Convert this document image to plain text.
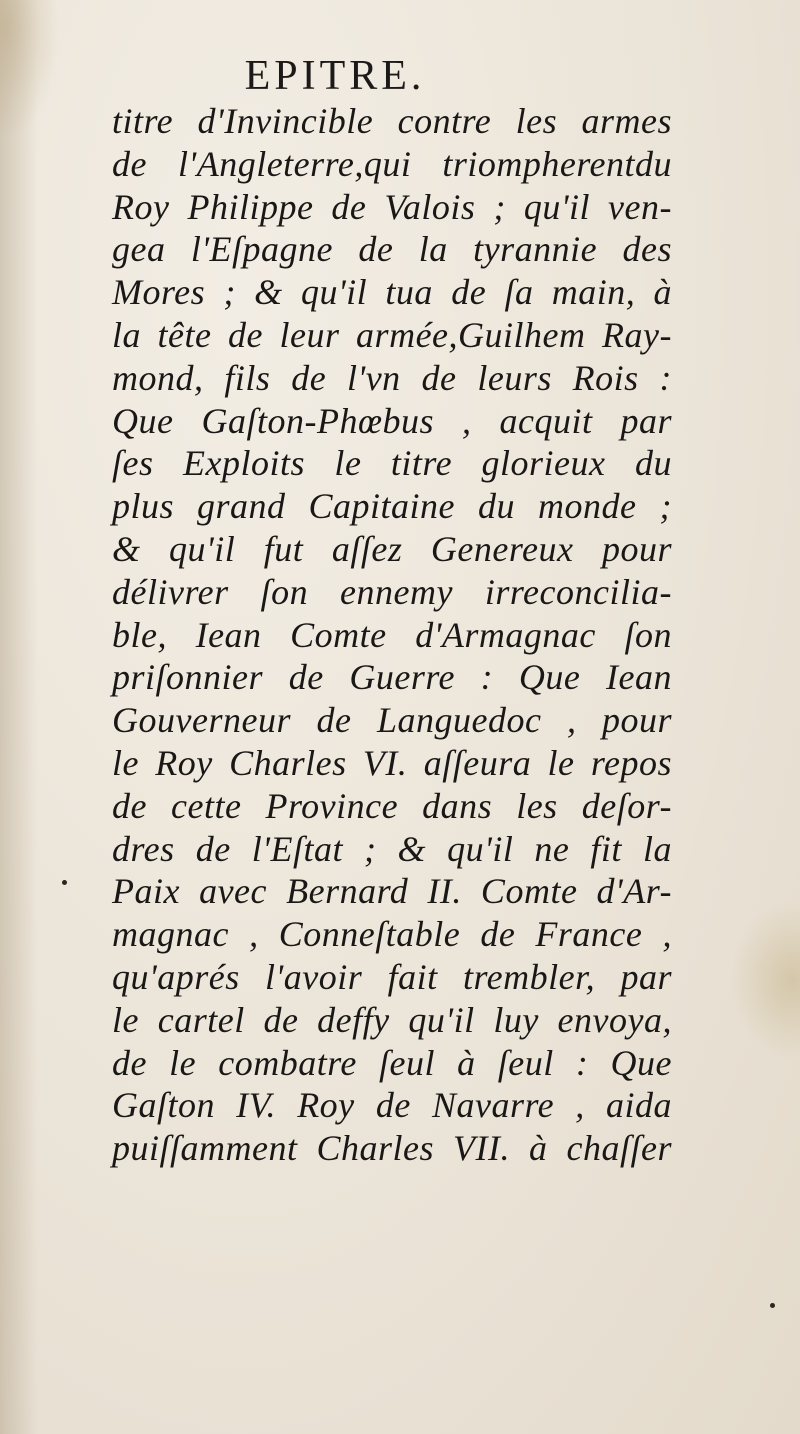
EPITRE.
titre d'Invincible contre les armes
de l'Angleterre,qui triompherentdu
Roy Philippe de Valois ; qu'il ven-
gea l'Eſpagne de la tyrannie des
Mores ; & qu'il tua de ſa main, à
la tête de leur armée,Guilhem Ray-
mond, fils de l'vn de leurs Rois :
Que Gaſton-Phœbus , acquit par
ſes Exploits le titre glorieux du
plus grand Capitaine du monde ;
& qu'il fut aſſez Genereux pour
délivrer ſon ennemy irreconcilia-
ble, Iean Comte d'Armagnac ſon
priſonnier de Guerre : Que Iean
Gouverneur de Languedoc , pour
le Roy Charles VI. aſſeura le repos
de cette Province dans les deſor-
dres de l'Eſtat ; & qu'il ne fit la
Paix avec Bernard II. Comte d'Ar-
magnac , Conneſtable de France ,
qu'aprés l'avoir fait trembler, par
le cartel de deffy qu'il luy envoya,
de le combatre ſeul à ſeul : Que
Gaſton IV. Roy de Navarre , aida
puiſſamment Charles VII. à chaſſer
